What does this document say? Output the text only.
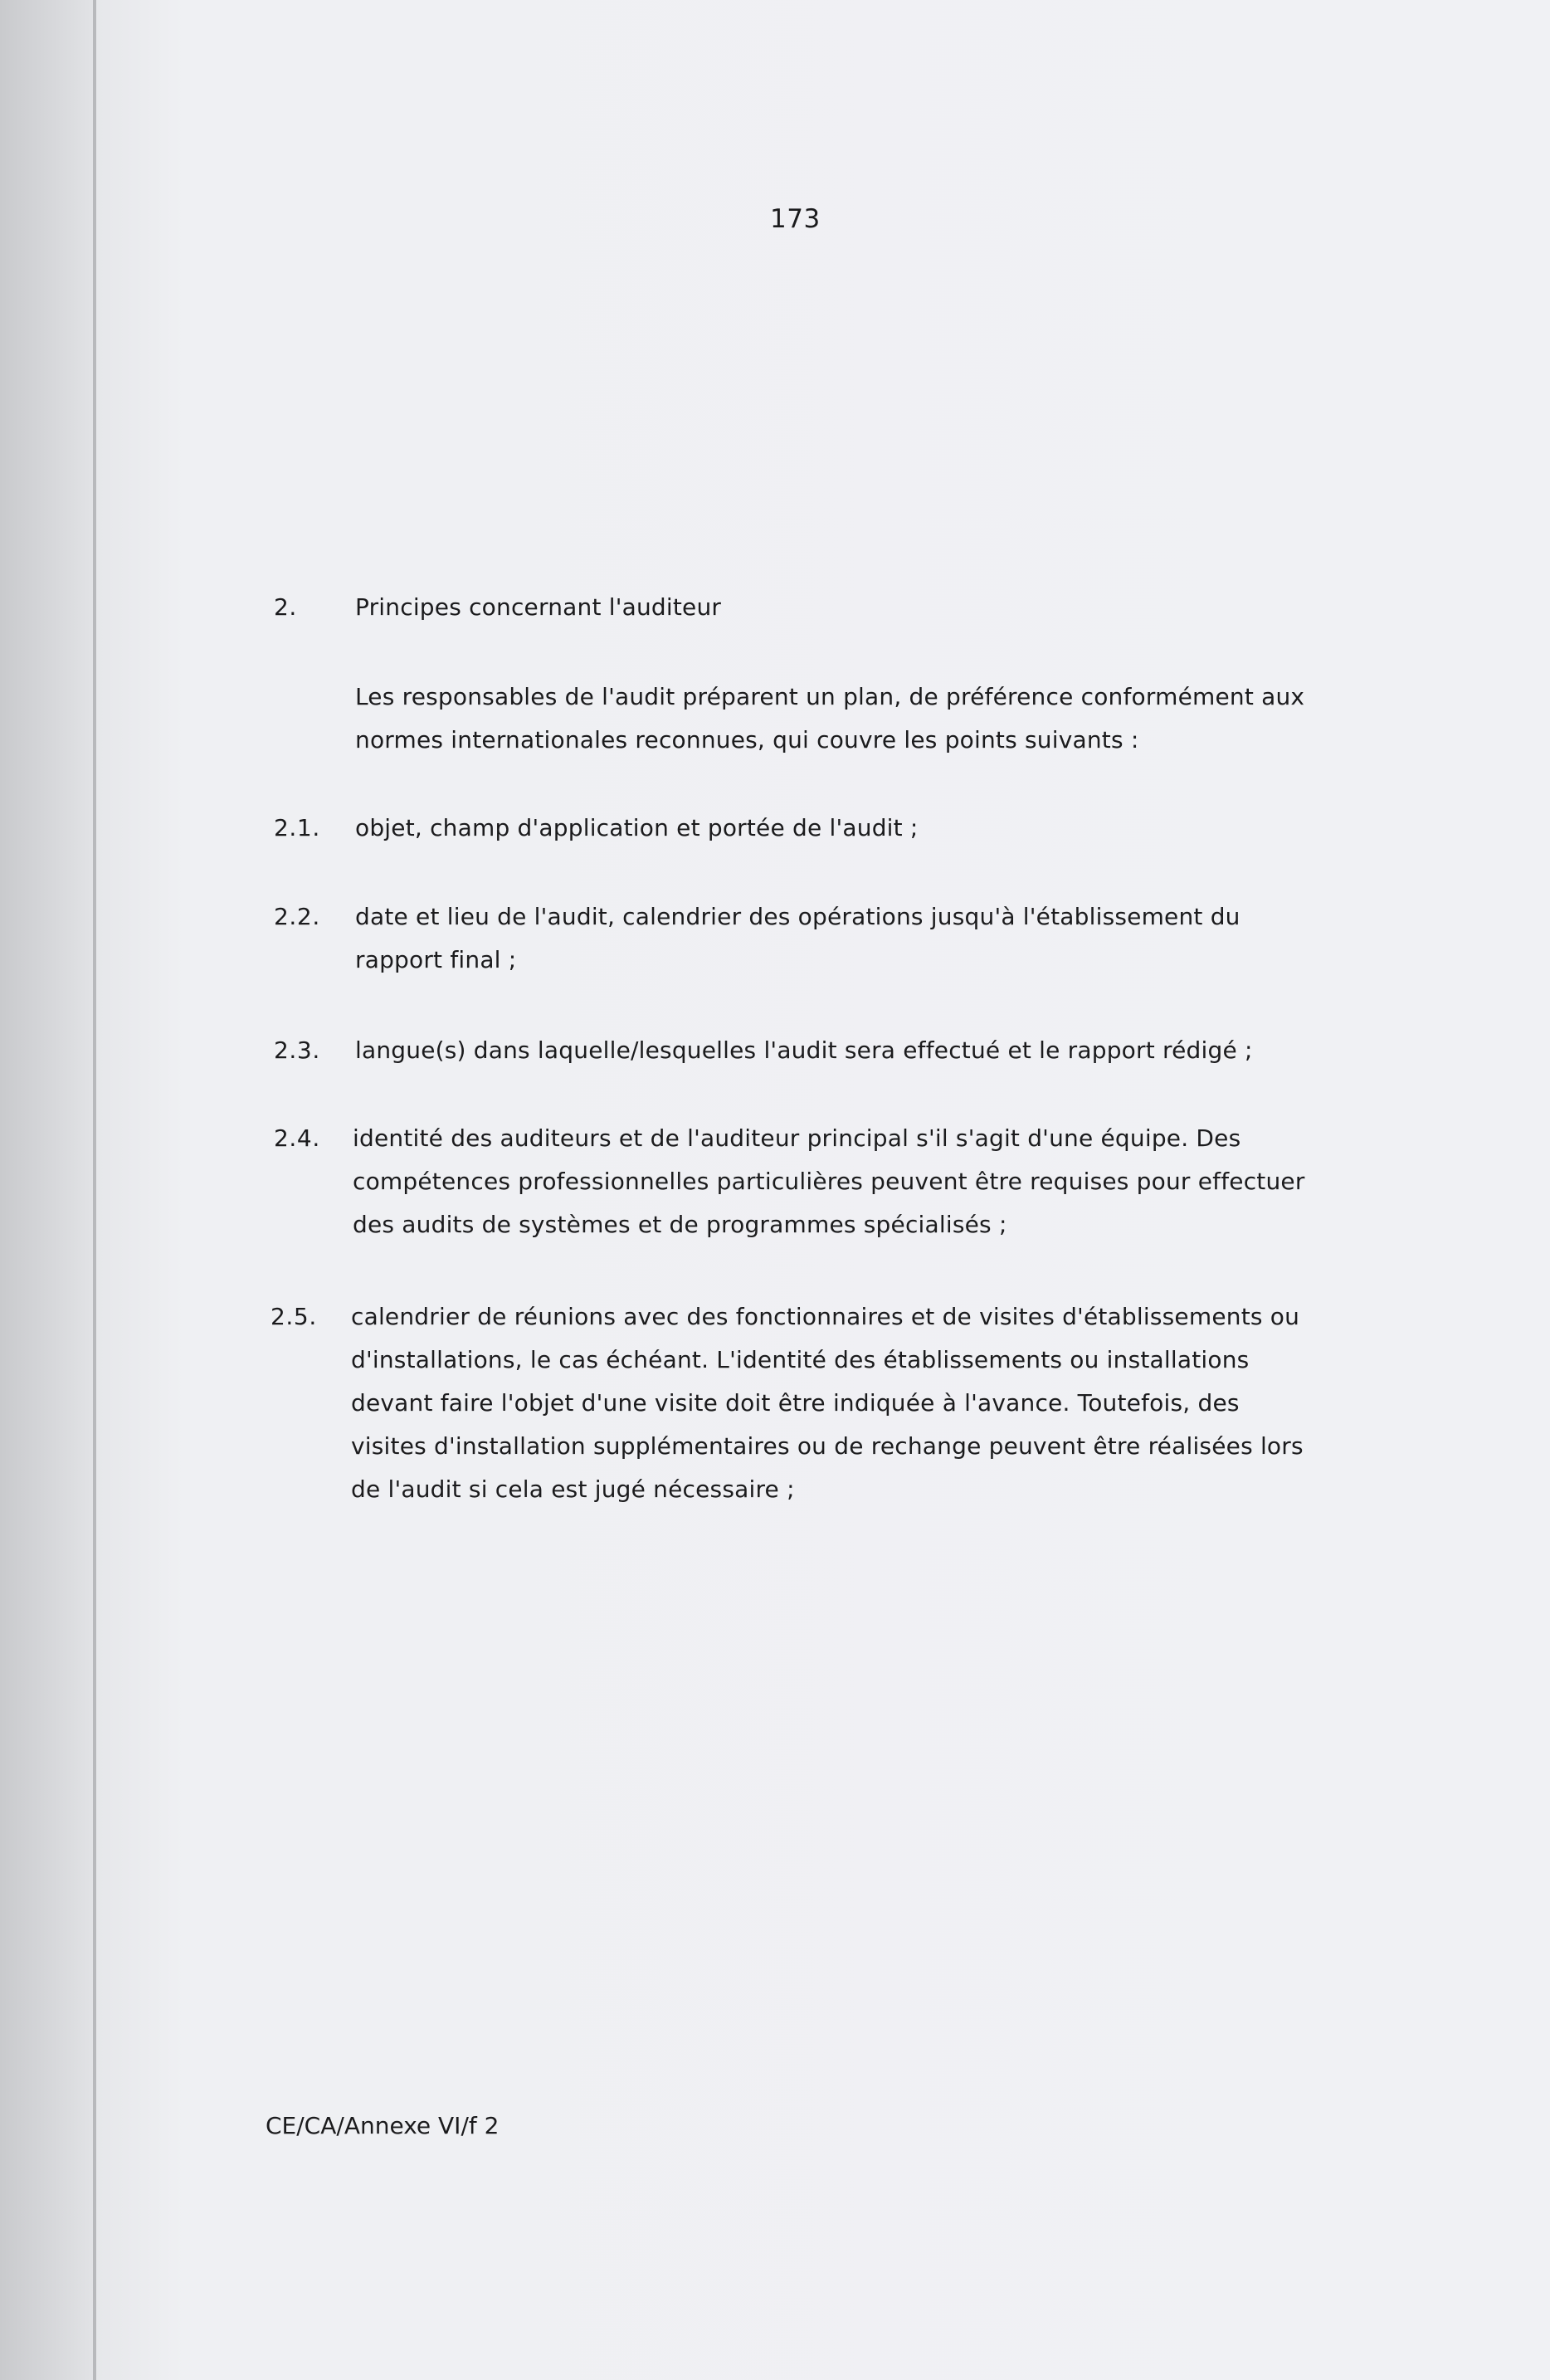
173
2.	Principes concernant l'auditeur
Les responsables de l'audit préparent un plan, de préférence conformément aux
normes internationales reconnues, qui couvre les points suivants :
2.1. objet, champ d'application et portée de l'audit ;
2.2. date et lieu de l'audit, calendrier des opérations jusqu'à l'établissement du
rapport final ;
2.3. langue(s) dans laquelle/lesquelles l'audit sera effectué et le rapport rédigé ;
2.4. identité des auditeurs et de l'auditeur principal s'il s'agit d'une équipe. Des
compétences professionnelles particulières peuvent être requises pour effectuer
des audits de systèmes et de programmes spécialisés ;
2.5. calendrier de réunions avec des fonctionnaires et de visites d'établissements ou
d'installations, le cas échéant. L'identité des établissements ou installations
devant faire l'objet d'une visite doit être indiquée à l'avance. Toutefois, des
visites d'installation supplémentaires ou de rechange peuvent être réalisées lors
de l'audit si cela est jugé nécessaire ;
CE/CA/Annexe VI/f 2
